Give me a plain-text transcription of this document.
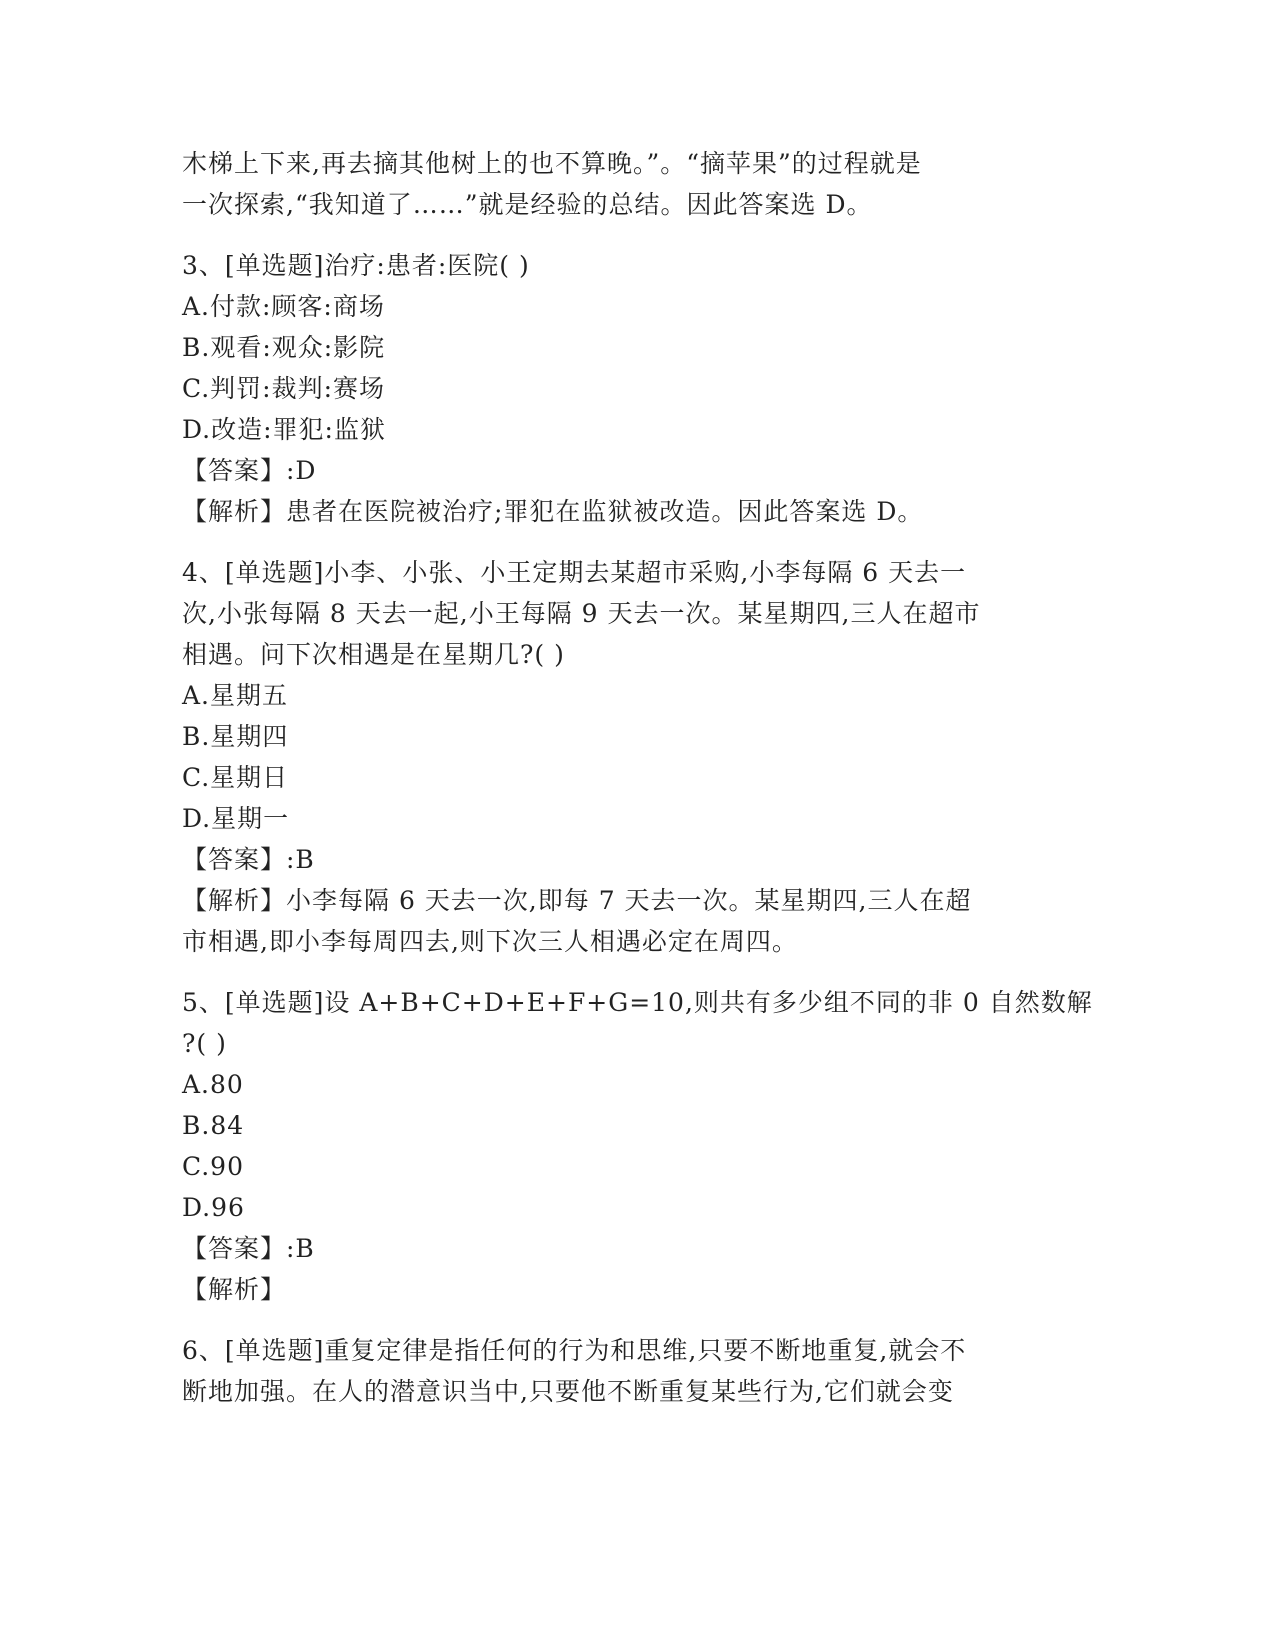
木梯上下来,再去摘其他树上的也不算晚。”。“摘苹果”的过程就是
一次探索,“我知道了……”就是经验的总结。因此答案选 D。
3、[单选题]治疗:患者:医院( )
A.付款:顾客:商场
B.观看:观众:影院
C.判罚:裁判:赛场
D.改造:罪犯:监狱
【答案】:D
【解析】患者在医院被治疗;罪犯在监狱被改造。因此答案选 D。
4、[单选题]小李、小张、小王定期去某超市采购,小李每隔 6 天去一
次,小张每隔 8 天去一起,小王每隔 9 天去一次。某星期四,三人在超市
相遇。问下次相遇是在星期几?( )
A.星期五
B.星期四
C.星期日
D.星期一
【答案】:B
【解析】小李每隔 6 天去一次,即每 7 天去一次。某星期四,三人在超
市相遇,即小李每周四去,则下次三人相遇必定在周四。
5、[单选题]设 A+B+C+D+E+F+G=10,则共有多少组不同的非 0 自然数解
?( )
A.80
B.84
C.90
D.96
【答案】:B
【解析】
6、[单选题]重复定律是指任何的行为和思维,只要不断地重复,就会不
断地加强。在人的潜意识当中,只要他不断重复某些行为,它们就会变
